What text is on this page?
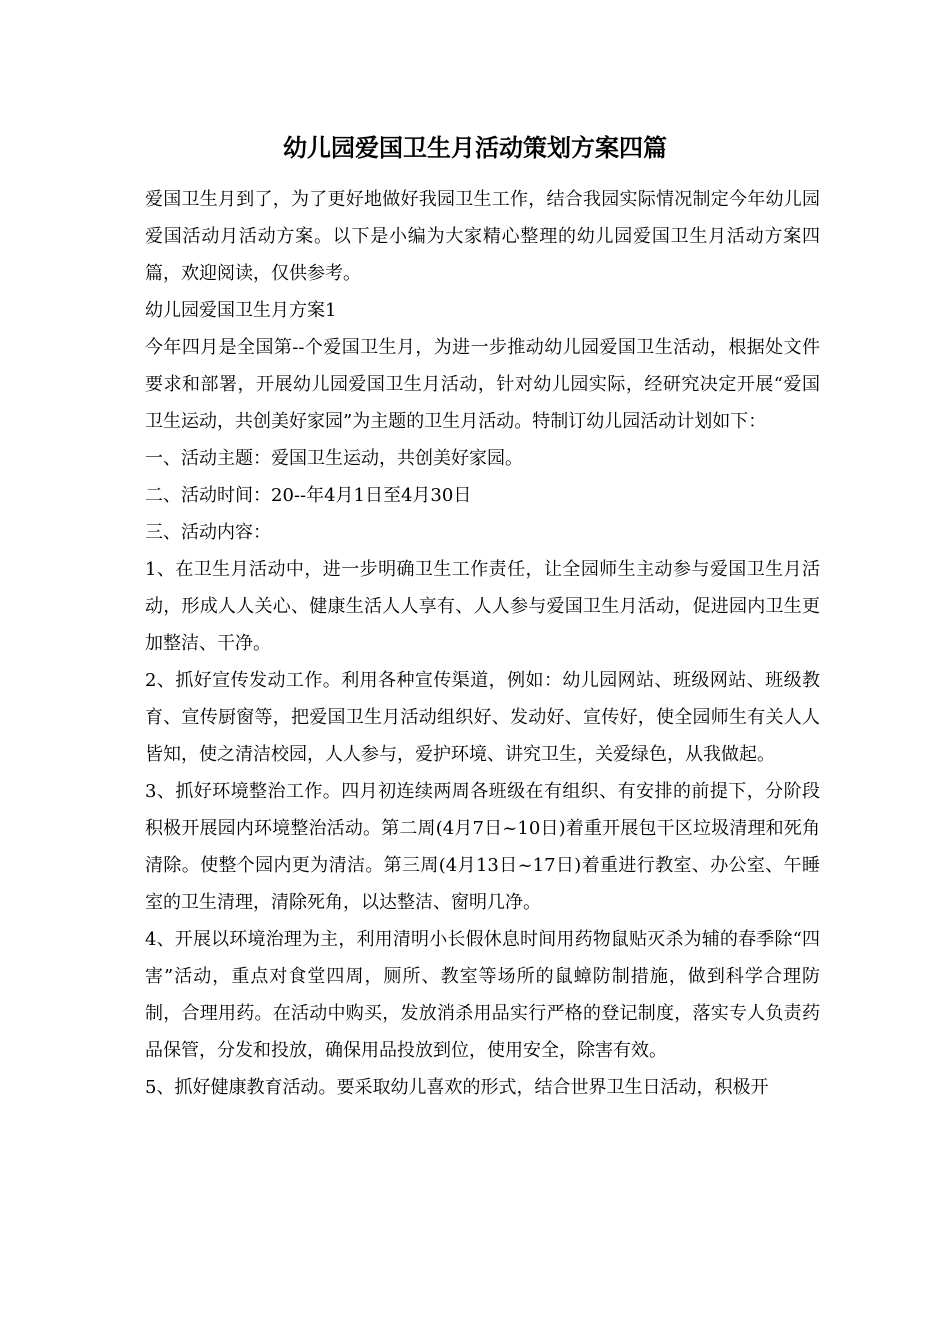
幼儿园爱国卫生月活动策划方案四篇

爱国卫生月到了，为了更好地做好我园卫生工作，结合我园实际情况制定今年幼儿园爱国活动月活动方案。以下是小编为大家精心整理的幼儿园爱国卫生月活动方案四篇，欢迎阅读，仅供参考。

幼儿园爱国卫生月方案1

今年四月是全国第--个爱国卫生月，为进一步推动幼儿园爱国卫生活动，根据处文件要求和部署，开展幼儿园爱国卫生月活动，针对幼儿园实际，经研究决定开展“爱国卫生运动，共创美好家园”为主题的卫生月活动。特制订幼儿园活动计划如下：

一、活动主题：爱国卫生运动，共创美好家园。

二、活动时间：20--年4月1日至4月30日

三、活动内容：

1、在卫生月活动中，进一步明确卫生工作责任，让全园师生主动参与爱国卫生月活动，形成人人关心、健康生活人人享有、人人参与爱国卫生月活动，促进园内卫生更加整洁、干净。

2、抓好宣传发动工作。利用各种宣传渠道，例如：幼儿园网站、班级网站、班级教育、宣传厨窗等，把爱国卫生月活动组织好、发动好、宣传好，使全园师生有关人人皆知，使之清洁校园，人人参与，爱护环境、讲究卫生，关爱绿色，从我做起。

3、抓好环境整治工作。四月初连续两周各班级在有组织、有安排的前提下，分阶段积极开展园内环境整治活动。第二周(4月7日~10日)着重开展包干区垃圾清理和死角清除。使整个园内更为清洁。第三周(4月13日~17日)着重进行教室、办公室、午睡室的卫生清理，清除死角，以达整洁、窗明几净。

4、开展以环境治理为主，利用清明小长假休息时间用药物鼠贴灭杀为辅的春季除“四害”活动，重点对食堂四周，厕所、教室等场所的鼠蟑防制措施，做到科学合理防制，合理用药。在活动中购买，发放消杀用品实行严格的登记制度，落实专人负责药品保管，分发和投放，确保用品投放到位，使用安全，除害有效。

5、抓好健康教育活动。要采取幼儿喜欢的形式，结合世界卫生日活动，积极开
